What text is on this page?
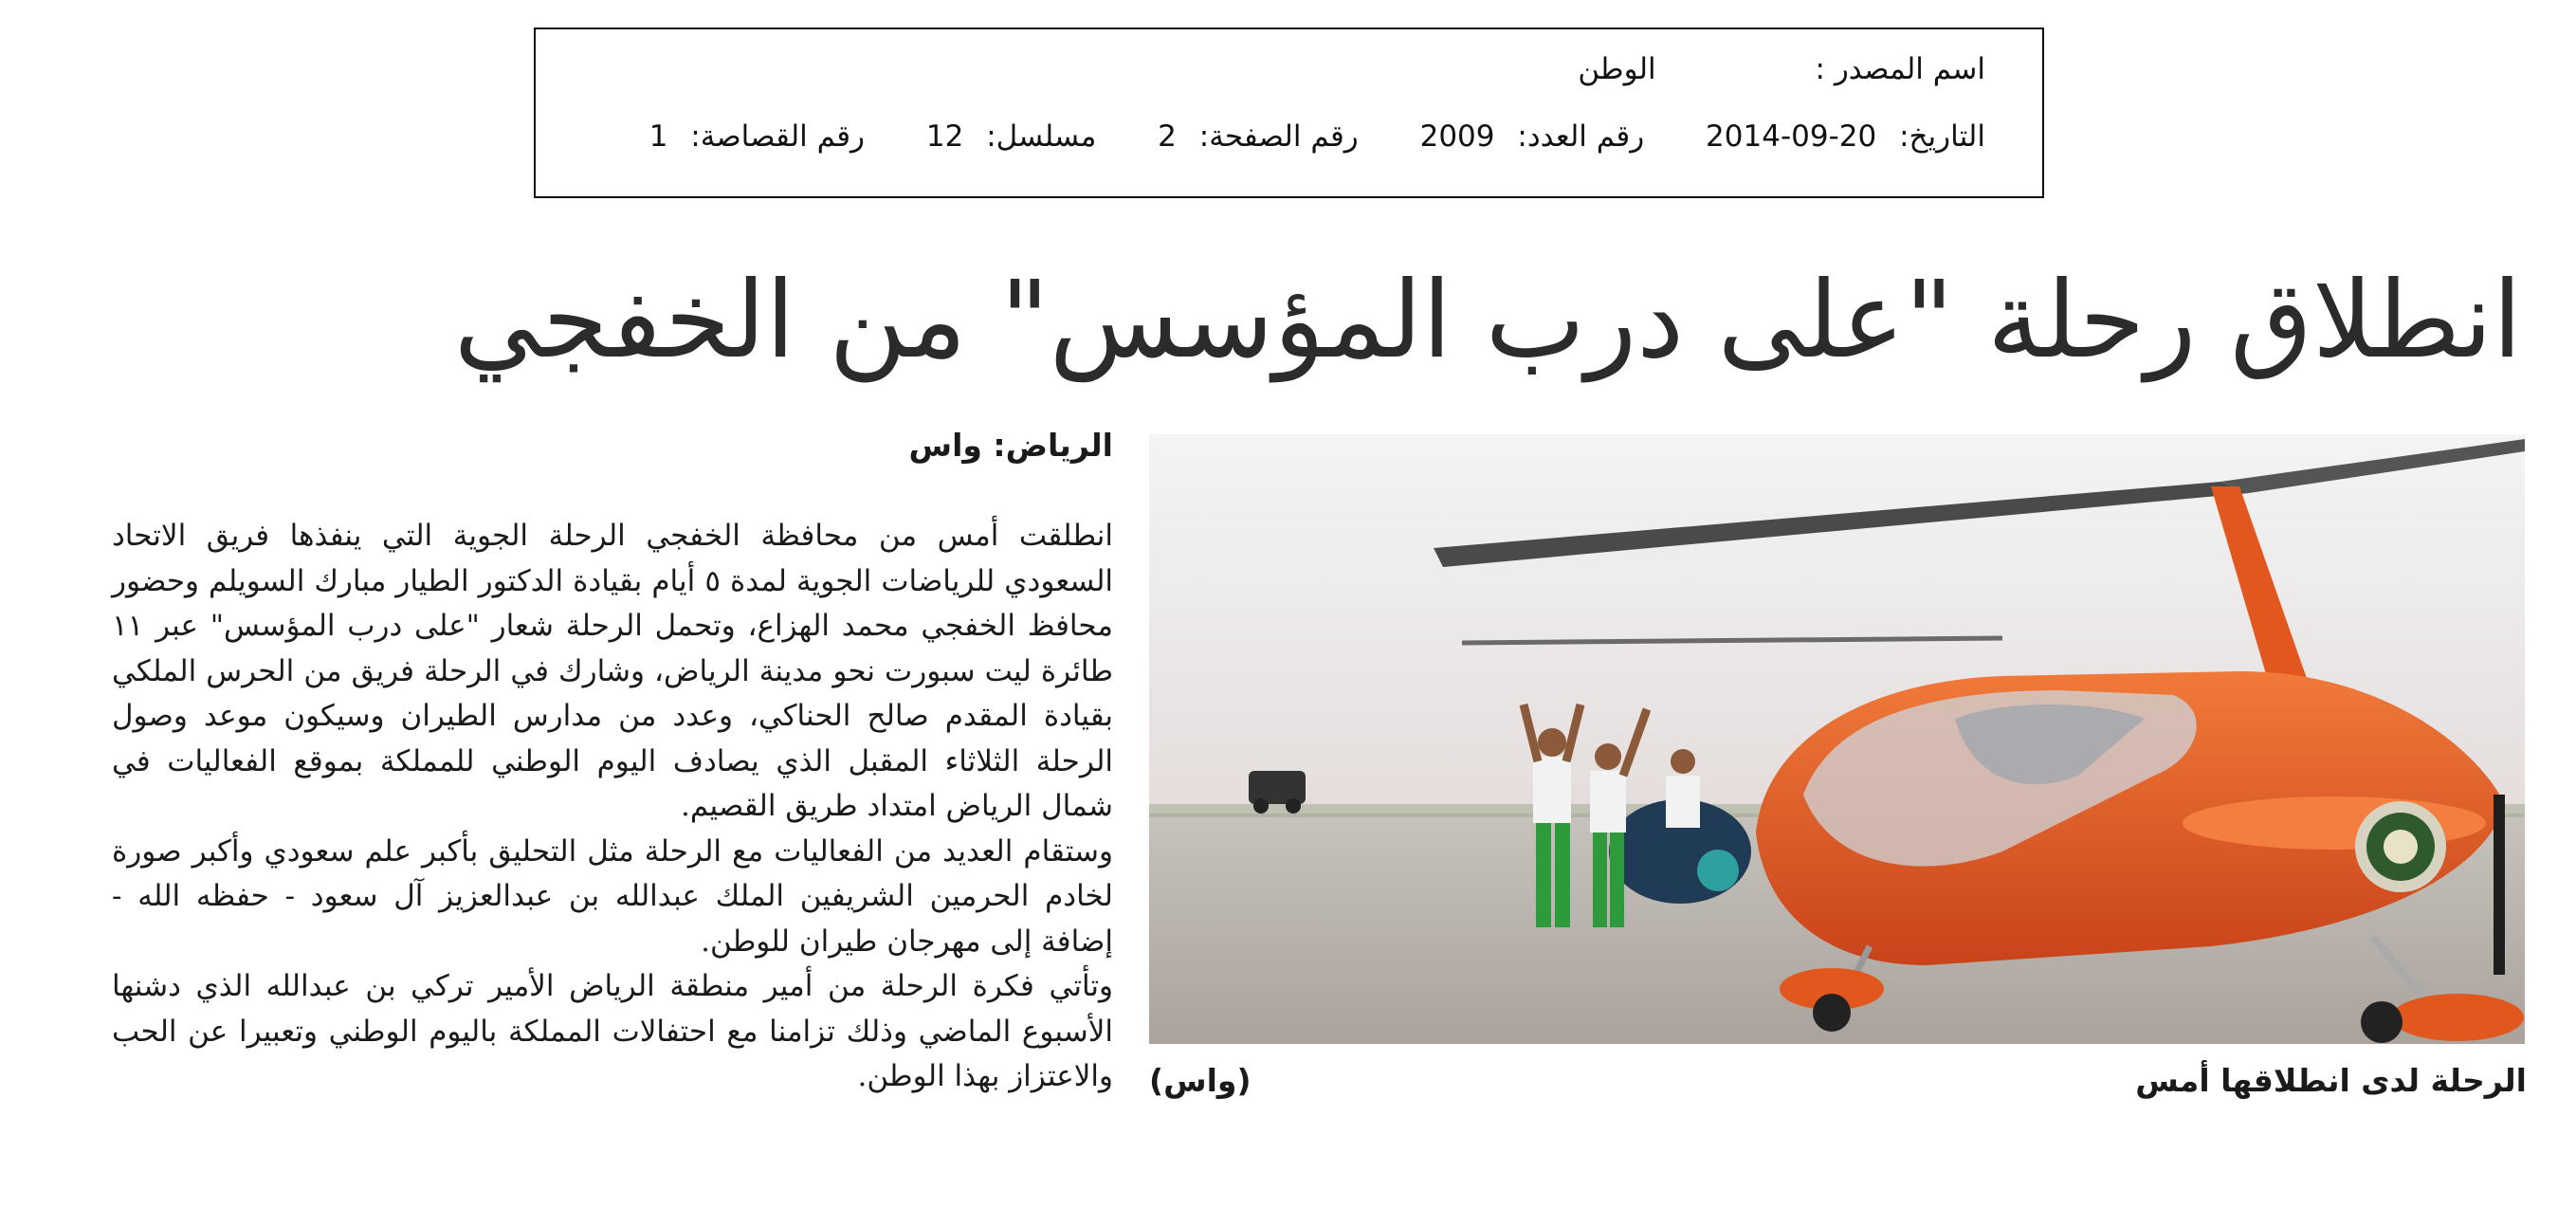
اسم المصدر : الوطن
التاريخ: 2014-09-20 رقم العدد: 2009 رقم الصفحة: 2 مسلسل: 12 رقم القصاصة: 1
انطلاق رحلة "على درب المؤسس" من الخفجي
الرحلة لدى انطلاقها أمس
(واس)
الرياض: واس

انطلقت أمس من محافظة الخفجي الرحلة الجوية التي ينفذها فريق الاتحاد السعودي للرياضات الجوية لمدة ٥ أيام بقيادة الدكتور الطيار مبارك السويلم وحضور محافظ الخفجي محمد الهزاع، وتحمل الرحلة شعار "على درب المؤسس" عبر ١١ طائرة ليت سبورت نحو مدينة الرياض، وشارك في الرحلة فريق من الحرس الملكي بقيادة المقدم صالح الحناكي، وعدد من مدارس الطيران وسيكون موعد وصول الرحلة الثلاثاء المقبل الذي يصادف اليوم الوطني للمملكة بموقع الفعاليات في شمال الرياض امتداد طريق القصيم.

وستقام العديد من الفعاليات مع الرحلة مثل التحليق بأكبر علم سعودي وأكبر صورة لخادم الحرمين الشريفين الملك عبدالله بن عبدالعزيز آل سعود - حفظه الله - إضافة إلى مهرجان طيران للوطن.

وتأتي فكرة الرحلة من أمير منطقة الرياض الأمير تركي بن عبدالله الذي دشنها الأسبوع الماضي وذلك تزامنا مع احتفالات المملكة باليوم الوطني وتعبيرا عن الحب والاعتزاز بهذا الوطن.
